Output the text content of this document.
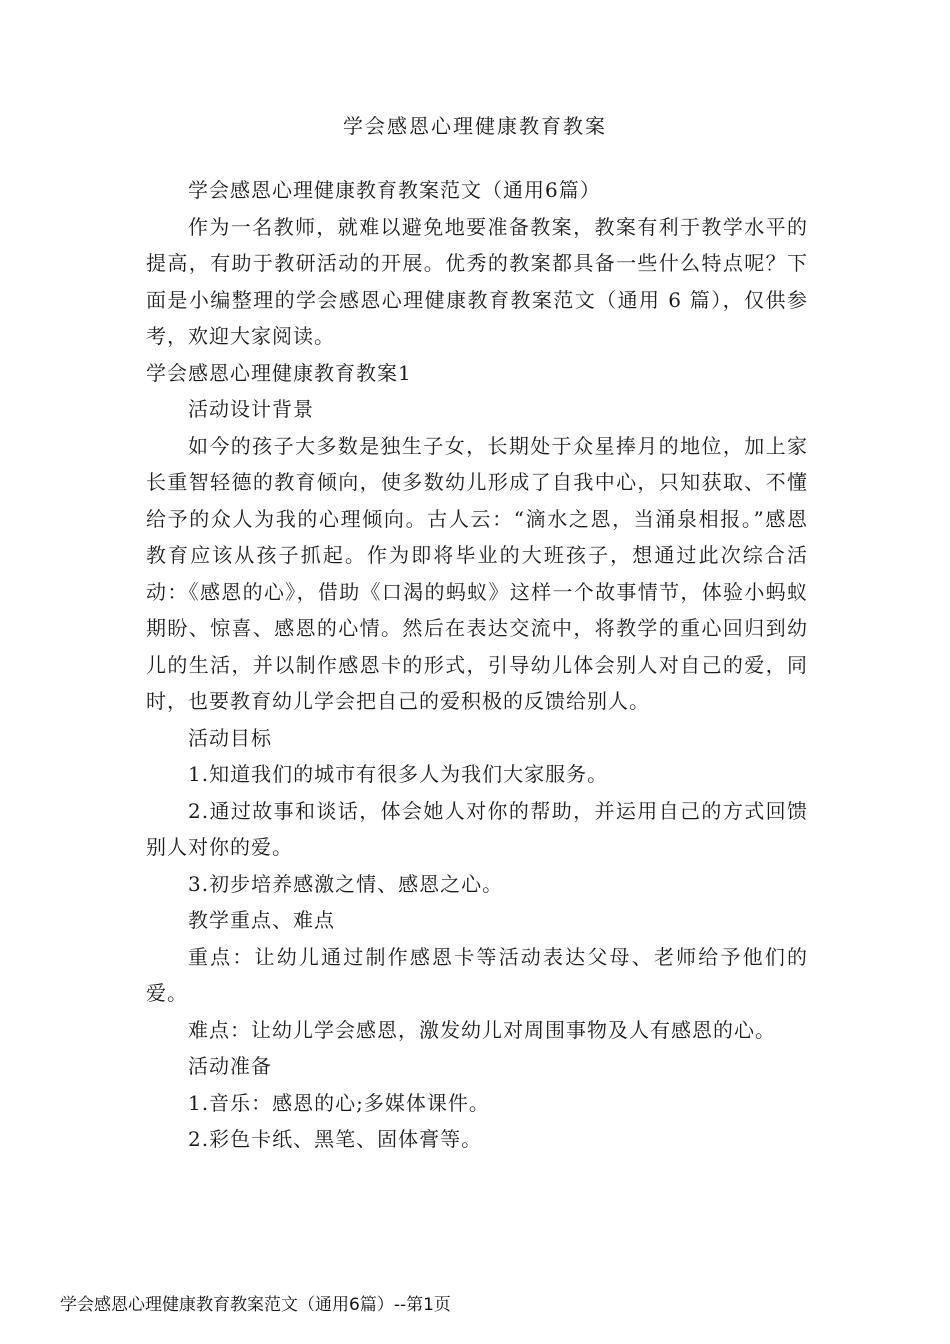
学会感恩心理健康教育教案

学会感恩心理健康教育教案范文（通用6篇）

作为一名教师，就难以避免地要准备教案，教案有利于教学水平的提高，有助于教研活动的开展。优秀的教案都具备一些什么特点呢？下面是小编整理的学会感恩心理健康教育教案范文（通用 6 篇），仅供参考，欢迎大家阅读。

学会感恩心理健康教育教案1

活动设计背景

如今的孩子大多数是独生子女，长期处于众星捧月的地位，加上家长重智轻德的教育倾向，使多数幼儿形成了自我中心，只知获取、不懂给予的众人为我的心理倾向。古人云：“滴水之恩，当涌泉相报。”感恩教育应该从孩子抓起。作为即将毕业的大班孩子，想通过此次综合活动：《感恩的心》，借助《口渴的蚂蚁》这样一个故事情节，体验小蚂蚁期盼、惊喜、感恩的心情。然后在表达交流中，将教学的重心回归到幼儿的生活，并以制作感恩卡的形式，引导幼儿体会别人对自己的爱，同时，也要教育幼儿学会把自己的爱积极的反馈给别人。

活动目标

1.知道我们的城市有很多人为我们大家服务。

2.通过故事和谈话，体会她人对你的帮助，并运用自己的方式回馈别人对你的爱。

3.初步培养感激之情、感恩之心。

教学重点、难点

重点：让幼儿通过制作感恩卡等活动表达父母、老师给予他们的爱。

难点：让幼儿学会感恩，激发幼儿对周围事物及人有感恩的心。

活动准备

1.音乐：感恩的心;多媒体课件。

2.彩色卡纸、黑笔、固体膏等。

学会感恩心理健康教育教案范文（通用6篇）--第1页
